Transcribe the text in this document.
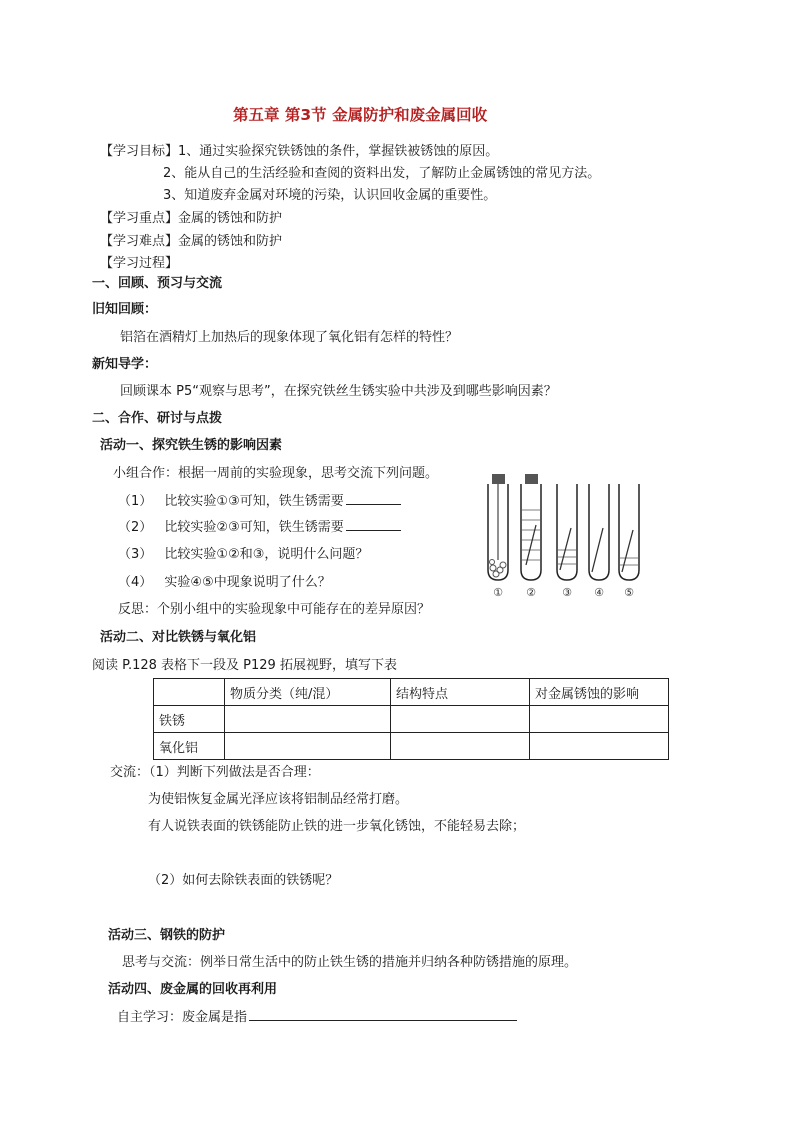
第五章 第3节 金属防护和废金属回收
【学习目标】 1、通过实验探究铁锈蚀的条件，掌握铁被锈蚀的原因。
2、能从自己的生活经验和查阅的资料出发，了解防止金属锈蚀的常见方法。
3、知道废弃金属对环境的污染，认识回收金属的重要性。
【学习重点】金属的锈蚀和防护
【学习难点】金属的锈蚀和防护
【学习过程】
一、回顾、预习与交流
旧知回顾：
铝箔在酒精灯上加热后的现象体现了氧化铝有怎样的特性？
新知导学：
回顾课本 P5“观察与思考”，在探究铁丝生锈实验中共涉及到哪些影响因素？
二、合作、研讨与点拨
活动一、探究铁生锈的影响因素
小组合作：根据一周前的实验现象，思考交流下列问题。
（1） 比较实验①③可知，铁生锈需要
（2） 比较实验②③可知，铁生锈需要
（3） 比较实验①②和③，说明什么问题？
（4） 实验④⑤中现象说明了什么？
反思：个别小组中的实验现象中可能存在的差异原因？
① ② ③ ④ ⑤
活动二、对比铁锈与氧化铝
阅读 P.128 表格下一段及 P129 拓展视野，填写下表
	物质分类（纯/混）	结构特点	对金属锈蚀的影响
铁锈			
氧化铝			
交流：（1）判断下列做法是否合理：
为使铝恢复金属光泽应该将铝制品经常打磨。
有人说铁表面的铁锈能防止铁的进一步氧化锈蚀，不能轻易去除；
（2）如何去除铁表面的铁锈呢？
活动三、钢铁的防护
思考与交流：例举日常生活中的防止铁生锈的措施并归纳各种防锈措施的原理。
活动四、废金属的回收再利用
自主学习：废金属是指
